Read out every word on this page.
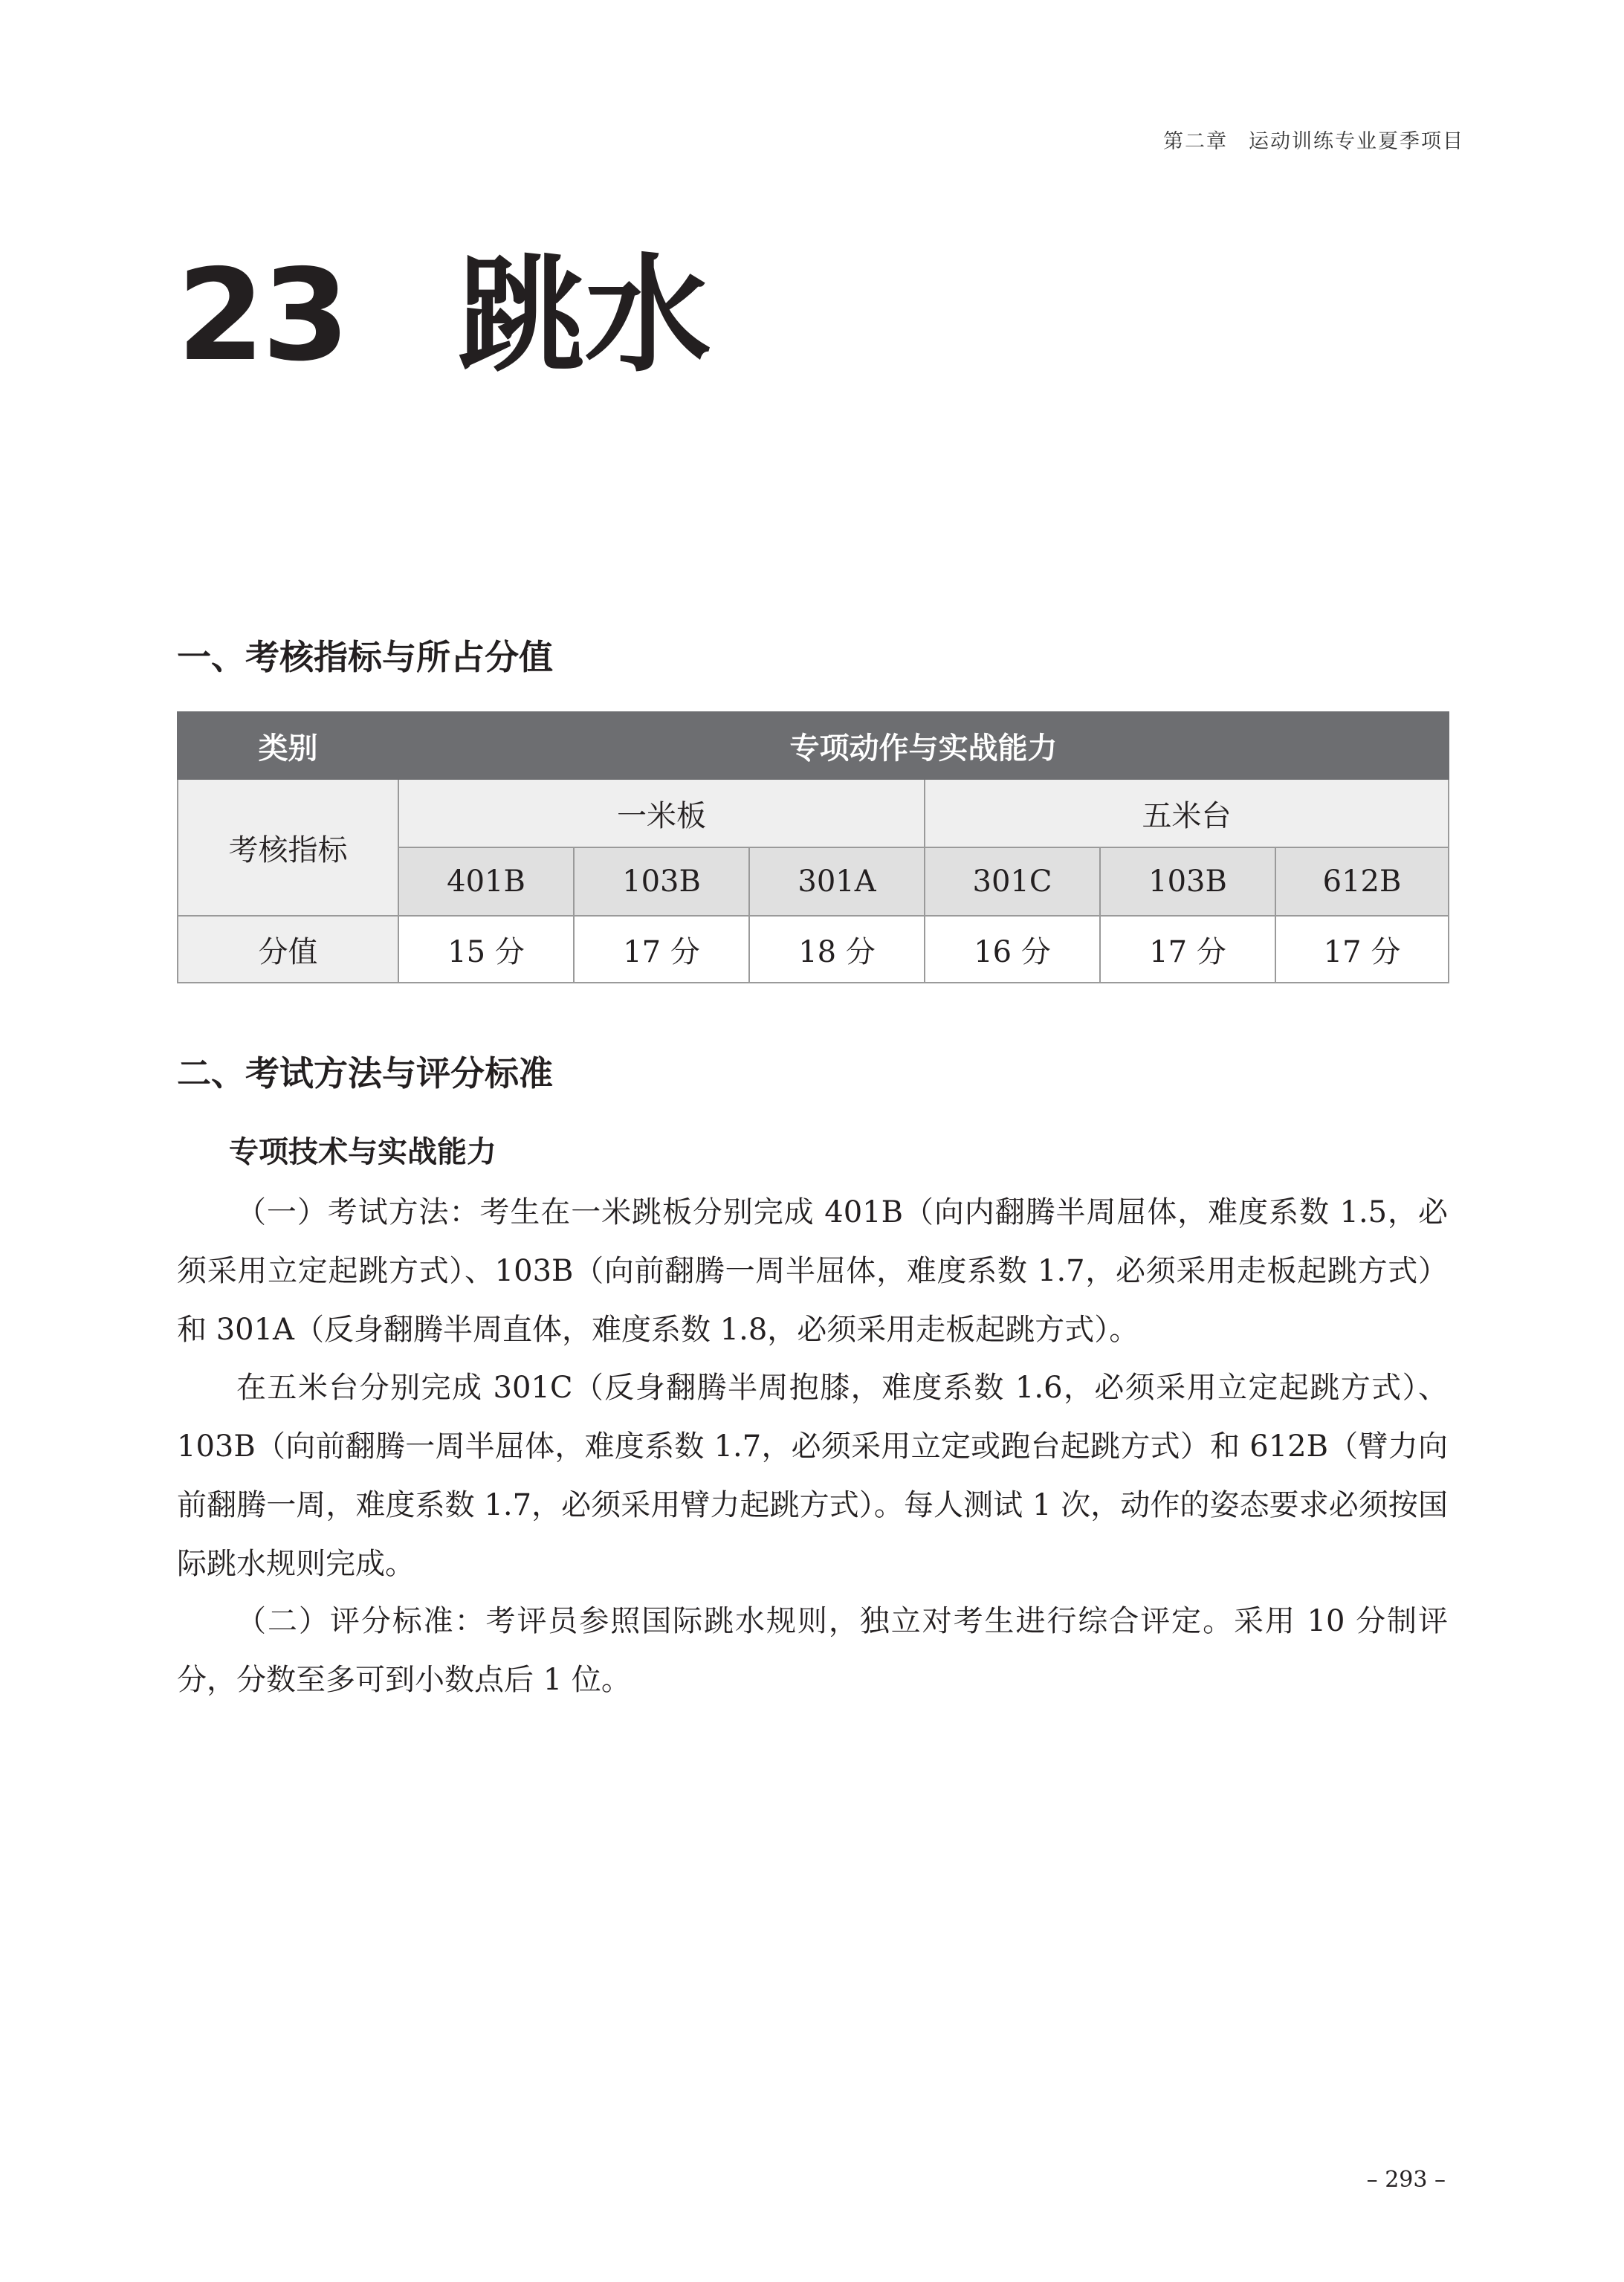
第二章 运动训练专业夏季项目
23 跳水
一、考核指标与所占分值
类别	专项动作与实战能力					
考核指标	一米板			五米台		
	401B	103B	301A	301C	103B	612B
分值	15 分	17 分	18 分	16 分	17 分	17 分
二、考试方法与评分标准
专项技术与实战能力

（一）考试方法：考生在一米跳板分别完成 401B（向内翻腾半周屈体，难度系数 1.5，必须采用立定起跳方式）、103B（向前翻腾一周半屈体，难度系数 1.7，必须采用走板起跳方式）和 301A（反身翻腾半周直体，难度系数 1.8，必须采用走板起跳方式）。

在五米台分别完成 301C（反身翻腾半周抱膝，难度系数 1.6，必须采用立定起跳方式）、103B（向前翻腾一周半屈体，难度系数 1.7，必须采用立定或跑台起跳方式）和 612B（臂力向前翻腾一周，难度系数 1.7，必须采用臂力起跳方式）。每人测试 1 次，动作的姿态要求必须按国际跳水规则完成。

（二）评分标准：考评员参照国际跳水规则，独立对考生进行综合评定。采用 10 分制评分，分数至多可到小数点后 1 位。

– 293 –
